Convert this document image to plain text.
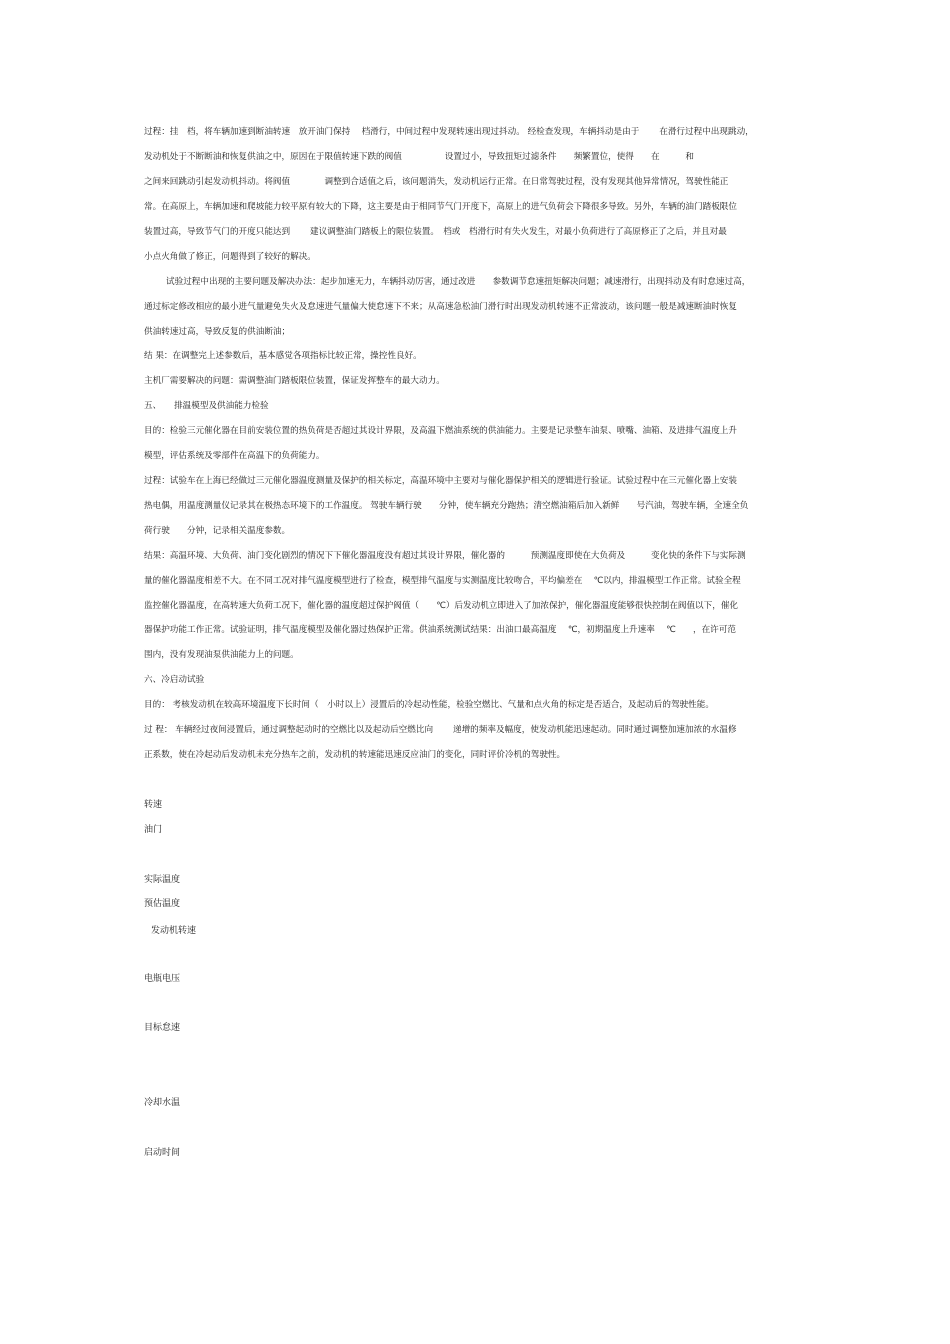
过程：挂　档，将车辆加速到断油转速　放开油门保持　 档滑行，中间过程中发现转速出现过抖动。 经检查发现，车辆抖动是由于　　 在滑行过程中出现跳动，
发动机处于不断断油和恢复供油之中，原因在于限值转速下跌的阀值　　　　　设置过小，导致扭矩过滤条件　　频繁置位，使得　　在　　　和
之间来回跳动引起发动机抖动。将阀值　　　　调整到合适值之后，该问题消失，发动机运行正常。在日常驾驶过程，没有发现其他异常情况，驾驶性能正
常。在高原上，车辆加速和爬坡能力较平原有较大的下降，这主要是由于相同节气门开度下，高原上的进气负荷会下降很多导致。另外，车辆的油门踏板限位
装置过高，导致节气门的开度只能达到　　 建议调整油门踏板上的限位装置。　档或　档滑行时有失火发生，对最小负荷进行了高原修正了之后，并且对最
小点火角做了修正，问题得到了较好的解决。
试验过程中出现的主要问题及解决办法：起步加速无力，车辆抖动厉害，通过改进　　参数调节怠速扭矩解决问题；减速滑行，出现抖动及有时怠速过高，
通过标定修改相应的最小进气量避免失火及怠速进气量偏大使怠速下不来；从高速急松油门滑行时出现发动机转速不正常波动，该问题一般是减速断油时恢复
供油转速过高，导致反复的供油断油；
结 果：在调整完上述参数后，基本感觉各项指标比较正常，操控性良好。
主机厂需要解决的问题：需调整油门踏板限位装置，保证发挥整车的最大动力。
五、　　排温模型及供油能力检验
目的：检验三元催化器在目前安装位置的热负荷是否超过其设计界限，及高温下燃油系统的供油能力。主要是记录整车油泵、喷嘴、油箱、及进排气温度上升
模型，评估系统及零部件在高温下的负荷能力。
过程：试验车在上海已经做过三元催化器温度测量及保护的相关标定，高温环境中主要对与催化器保护相关的逻辑进行验证。试验过程中在三元催化器上安装
热电偶，用温度测量仪记录其在极热态环境下的工作温度。 驾驶车辆行驶　　分钟，使车辆充分跑热；清空燃油箱后加入新鲜　　号汽油，驾驶车辆，全速全负
荷行驶　　分钟，记录相关温度参数。
结果：高温环境、大负荷、油门变化剧烈的情况下下催化器温度没有超过其设计界限，催化器的　　　预测温度即使在大负荷及　　　变化快的条件下与实际测
量的催化器温度相差不大。在不同工况对排气温度模型进行了检查，模型排气温度与实测温度比较吻合，平均偏差在　 ℃以内，排温模型工作正常。试验全程
监控催化器温度，在高转速大负荷工况下，催化器的温度超过保护阀值（　　℃）后发动机立即进入了加浓保护，催化器温度能够很快控制在阀值以下，催化
器保护功能工作正常。试验证明，排气温度模型及催化器过热保护正常。供油系统测试结果：出油口最高温度　 ℃，初期温度上升速率　 ℃　　，在许可范
围内，没有发现油泵供油能力上的问题。
六、冷启动试验
目的： 考核发动机在较高环境温度下长时间（　小时以上）浸置后的冷起动性能，检验空燃比、气量和点火角的标定是否适合，及起动后的驾驶性能。
过 程： 车辆经过夜间浸置后，通过调整起动时的空燃比以及起动后空燃比向　　 递增的频率及幅度，使发动机能迅速起动。同时通过调整加速加浓的水温修
正系数，使在冷起动后发动机未充分热车之前，发动机的转速能迅速反应油门的变化，同时评价冷机的驾驶性。
转速
油门
实际温度
预估温度
发动机转速
电瓶电压
目标怠速
冷却水温
启动时间
